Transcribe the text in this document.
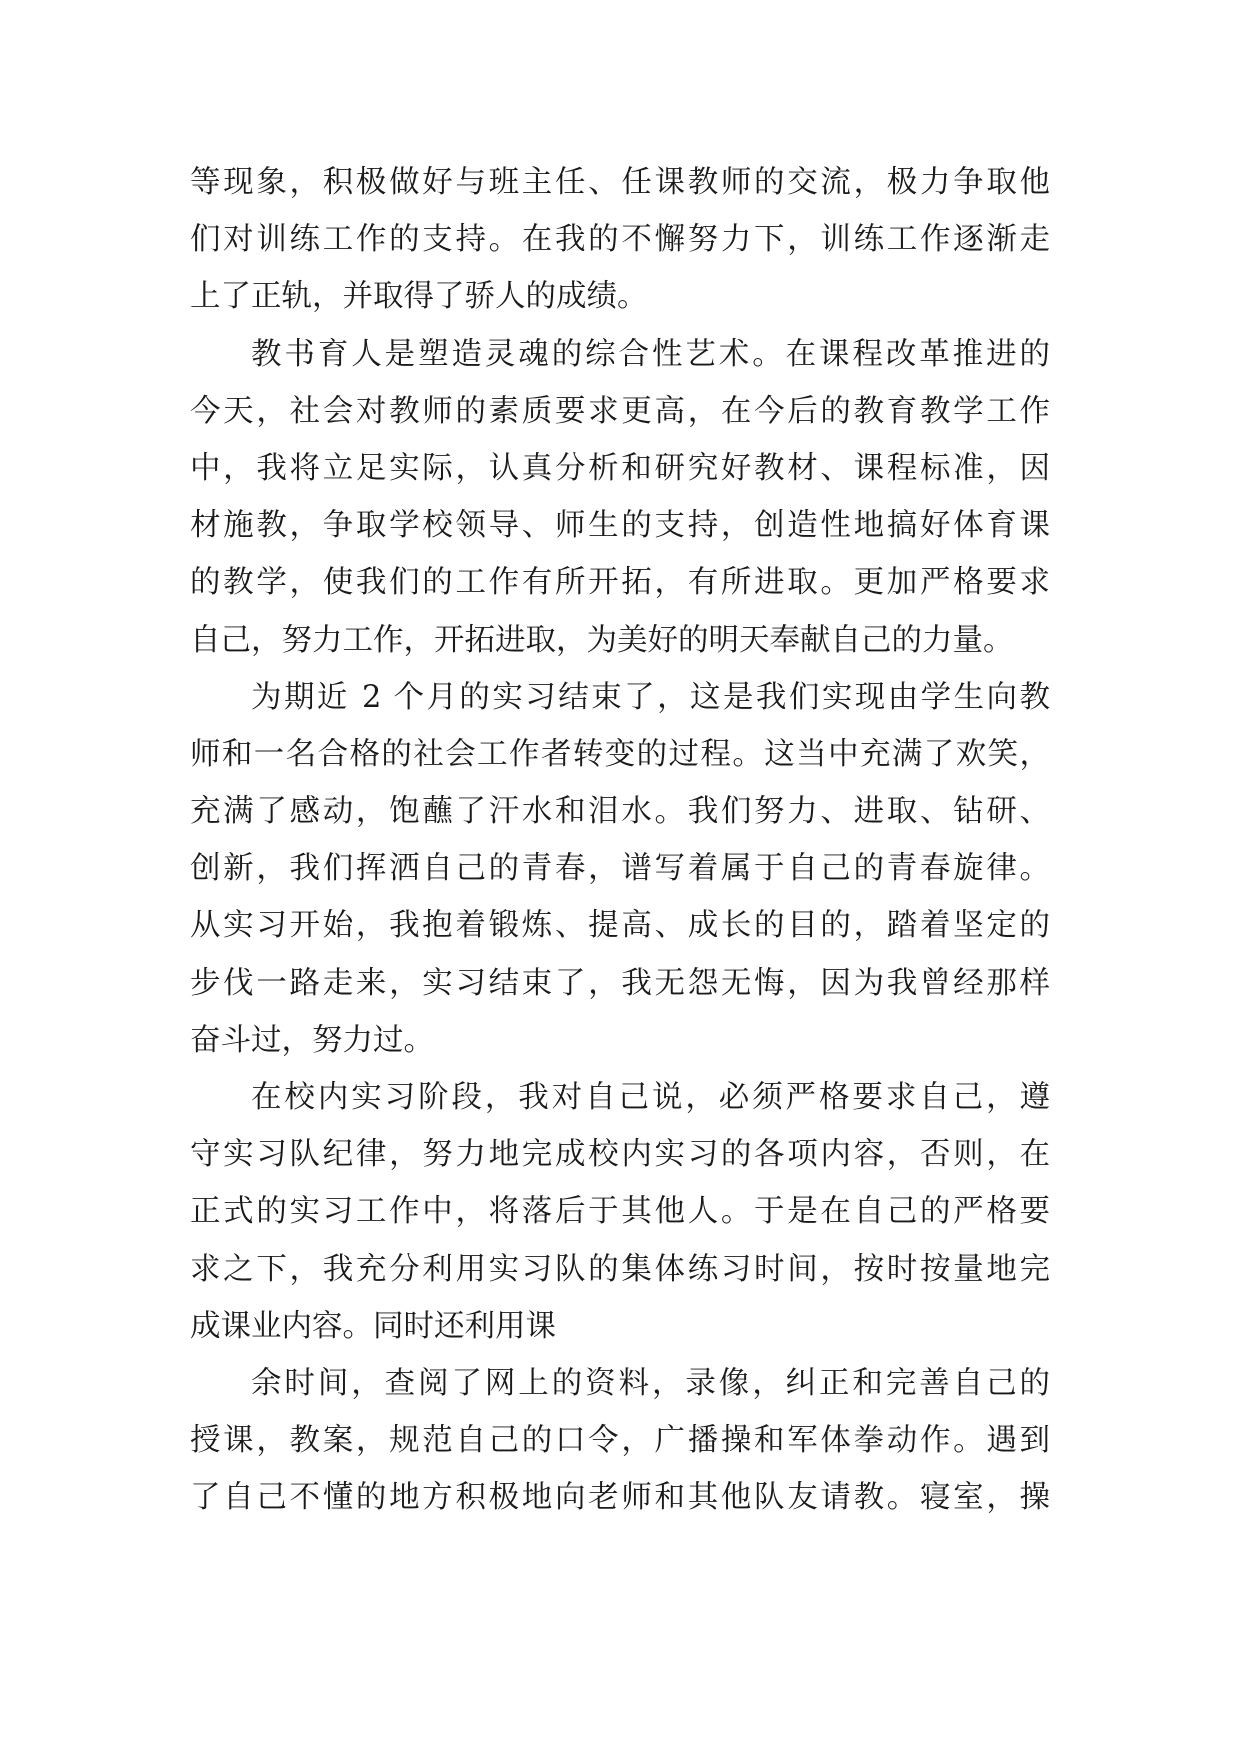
等现象，积极做好与班主任、任课教师的交流，极力争取他
们对训练工作的支持。在我的不懈努力下，训练工作逐渐走
上了正轨，并取得了骄人的成绩。
教书育人是塑造灵魂的综合性艺术。在课程改革推进的
今天，社会对教师的素质要求更高，在今后的教育教学工作
中，我将立足实际，认真分析和研究好教材、课程标准，因
材施教，争取学校领导、师生的支持，创造性地搞好体育课
的教学，使我们的工作有所开拓，有所进取。更加严格要求
自己，努力工作，开拓进取，为美好的明天奉献自己的力量。
为期近 2 个月的实习结束了，这是我们实现由学生向教
师和一名合格的社会工作者转变的过程。这当中充满了欢笑，
充满了感动，饱蘸了汗水和泪水。我们努力、进取、钻研、
创新，我们挥洒自己的青春，谱写着属于自己的青春旋律。
从实习开始，我抱着锻炼、提高、成长的目的，踏着坚定的
步伐一路走来，实习结束了，我无怨无悔，因为我曾经那样
奋斗过，努力过。
在校内实习阶段，我对自己说，必须严格要求自己，遵
守实习队纪律，努力地完成校内实习的各项内容，否则，在
正式的实习工作中，将落后于其他人。于是在自己的严格要
求之下，我充分利用实习队的集体练习时间，按时按量地完
成课业内容。同时还利用课
余时间，查阅了网上的资料，录像，纠正和完善自己的
授课，教案，规范自己的口令，广播操和军体拳动作。遇到
了自己不懂的地方积极地向老师和其他队友请教。寝室，操
